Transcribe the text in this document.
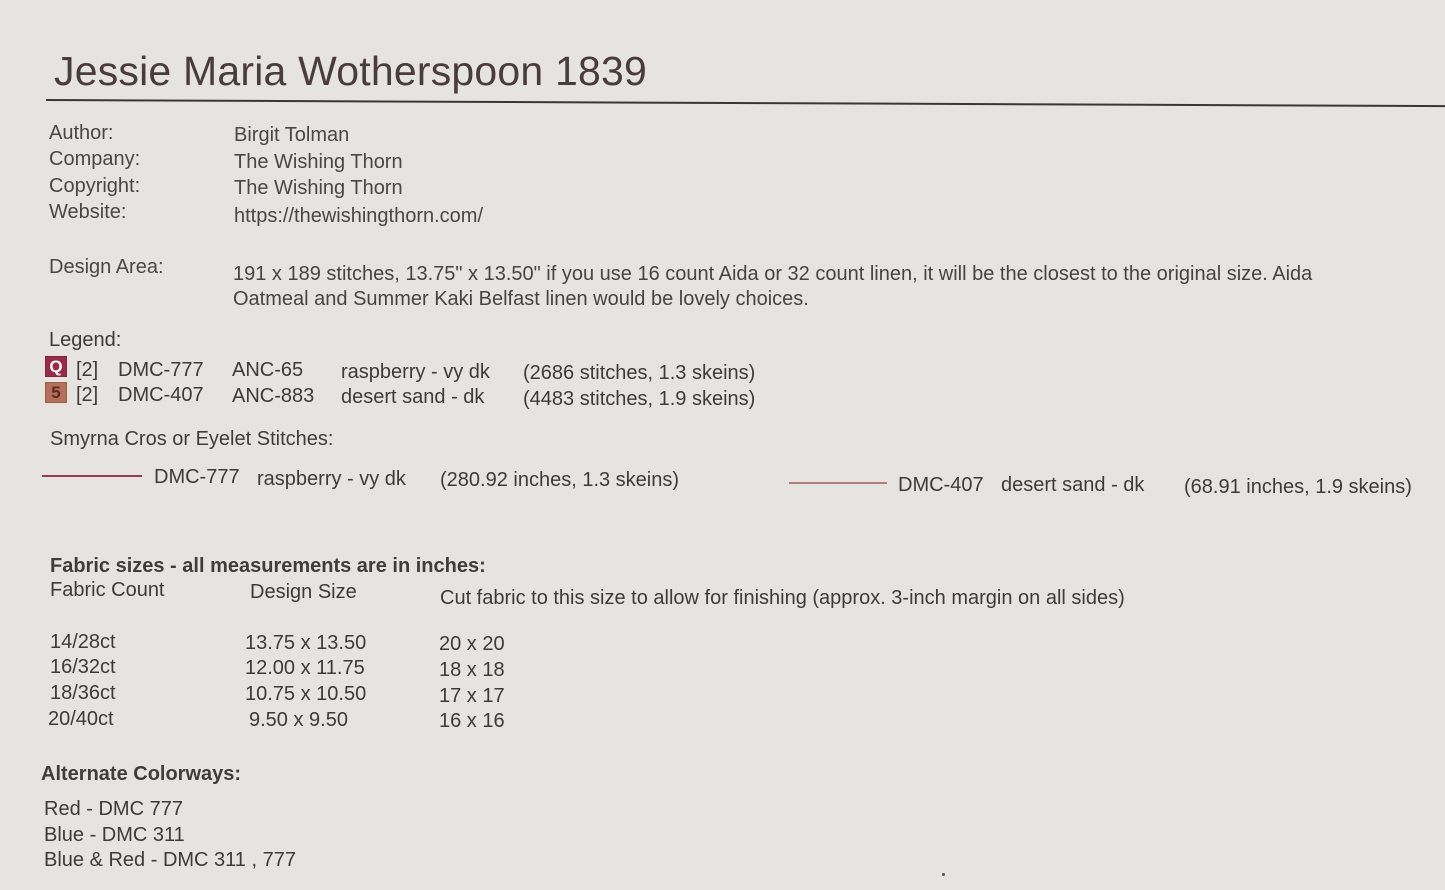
Jessie Maria Wotherspoon 1839
Author:	Birgit Tolman
Company:	The Wishing Thorn
Copyright:	The Wishing Thorn
Website:	https://thewishingthorn.com/
Design Area:	191 x 189 stitches, 13.75" x 13.50" if you use 16 count Aida or 32 count linen, it will be the closest to the original size. Aida
Oatmeal and Summer Kaki Belfast linen would be lovely choices.
Legend:
Q [2] DMC-777 ANC-65 raspberry - vy dk (2686 stitches, 1.3 skeins)
5 [2] DMC-407 ANC-883 desert sand - dk (4483 stitches, 1.9 skeins)
Smyrna Cros or Eyelet Stitches:
DMC-777 raspberry - vy dk (280.92 inches, 1.3 skeins)	DMC-407 desert sand - dk (68.91 inches, 1.9 skeins)
Fabric sizes - all measurements are in inches:
Fabric Count	Design Size	Cut fabric to this size to allow for finishing (approx. 3-inch margin on all sides)
14/28ct	13.75 x 13.50	20 x 20
16/32ct	12.00 x 11.75	18 x 18
18/36ct	10.75 x 10.50	17 x 17
20/40ct	9.50 x 9.50	16 x 16
Alternate Colorways:
Red - DMC 777
Blue - DMC 311
Blue & Red - DMC 311 , 777
